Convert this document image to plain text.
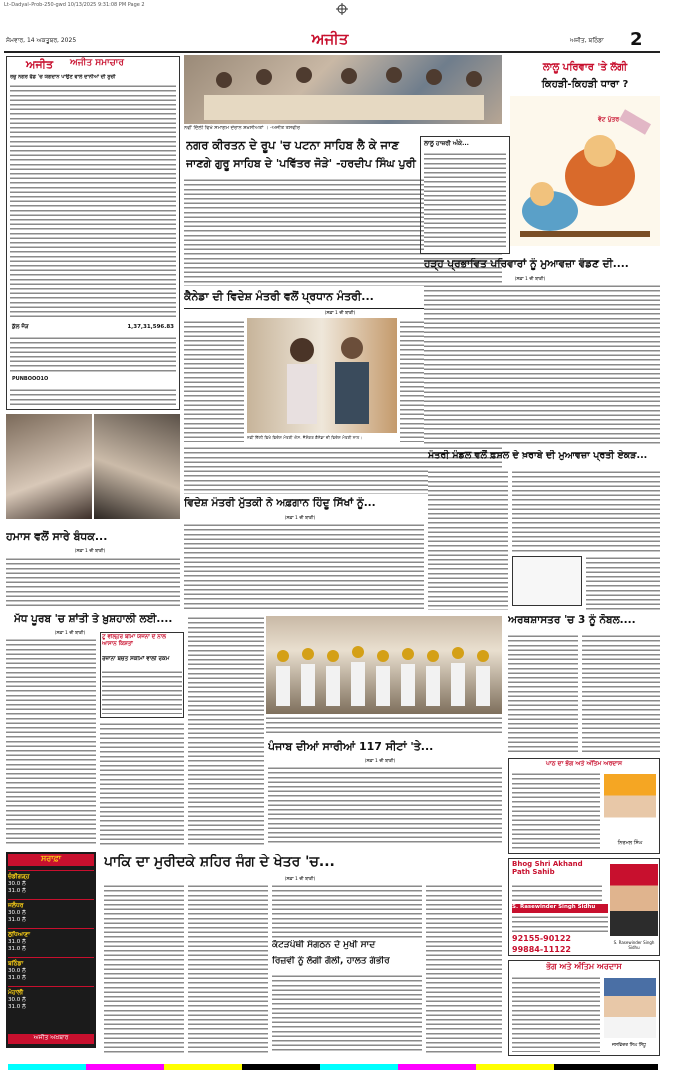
Lt–Dadyal–Prob-250-gwd 10/13/2025 9:31:08 PM Page 2
ਸੋਮਵਾਰ, 14 ਅਕਤੂਬਰ, 2025	ਅਜੀਤ	ਅਜੀਤ, ਬਠਿੰਡਾ	2
ਅਜੀਤ	ਅਜੀਤ ਸਮਾਚਾਰ
ਰਜ਼ੂ ਨਗਰ ਫੰਡ 'ਚ ਯੋਗਦਾਨ ਪਾਉਣ ਵਾਲੇ ਦਾਨੀਆਂ ਦੀ ਸੂਚੀ
ਕੁੱਲ ਜੋੜ	1,37,31,596.83
PUNBOOO1O
ਨਵੀਂ ਦਿੱਲੀ ਵਿਖੇ ਸਮਾਗਮ ਦੌਰਾਨ ਸ਼ਖ਼ਸੀਅਤਾਂ । -ਅਜੀਤ ਤਸਵੀਰ
ਨਗਰ ਕੀਰਤਨ ਦੇ ਰੂਪ 'ਚ ਪਟਨਾ ਸਾਹਿਬ ਲੈ ਕੇ ਜਾਣ
ਜਾਣਗੇ ਗੁਰੂ ਸਾਹਿਬ ਦੇ 'ਪਵਿੱਤਰ ਜੋੜੇ' -ਹਰਦੀਪ ਸਿੰਘ ਪੁਰੀ
ਕੈਨੇਡਾ ਦੀ ਵਿਦੇਸ਼ ਮੰਤਰੀ ਵਲੋਂ ਪ੍ਰਧਾਨ ਮੰਤਰੀ...
(ਸਫ਼ਾ 1 ਦੀ ਬਾਕੀ)
ਨਵੀਂ ਦਿੱਲੀ ਵਿਖੇ ਵਿਦੇਸ਼ ਮੰਤਰੀ ਐਸ. ਜੈਸ਼ੰਕਰ ਕੈਨੇਡਾ ਦੀ ਵਿਦੇਸ਼ ਮੰਤਰੀ ਨਾਲ।
ਲਾਲੂ ਪਰਿਵਾਰ 'ਤੇ ਲੱਗੀ
ਕਿਹੜੀ-ਕਿਹੜੀ ਧਾਰਾ ?
ਵੋਟ ਪੁੱਤਰ
ਲਾਲੂ ਹਾਜ਼ਰੀ ਅੰਕੇ...
ਹੜ੍ਹ ਪ੍ਰਭਾਵਿਤ ਪਰਿਵਾਰਾਂ ਨੂੰ ਮੁਆਵਜ਼ਾ ਵੰਡਣ ਦੀ....
(ਸਫ਼ਾ 1 ਦੀ ਬਾਕੀ)
ਹਮਾਸ ਵਲੋਂ ਸਾਰੇ ਬੰਧਕ...
(ਸਫ਼ਾ 1 ਦੀ ਬਾਕੀ)
ਵਿਦੇਸ਼ ਮੰਤਰੀ ਮੁੱਤਕੀ ਨੇ ਅਫ਼ਗਾਨ ਹਿੰਦੂ ਸਿੱਖਾਂ ਨੂੰ...
(ਸਫ਼ਾ 1 ਦੀ ਬਾਕੀ)
ਮੰਤਰੀ ਮੰਡਲ ਵਲੋਂ ਫ਼ਸਲ ਦੇ ਖ਼ਰਾਬੇ ਦੀ ਮੁਆਵਜ਼ਾ ਪ੍ਰਤੀ ਏਕੜ...
ਮੱਧ ਪੂਰਬ 'ਚ ਸ਼ਾਂਤੀ ਤੇ ਖ਼ੁਸ਼ਹਾਲੀ ਲਈ....
(ਸਫ਼ਾ 1 ਦੀ ਬਾਕੀ)
ਟੂ ਵੀਲ੍ਹਰ ਬੀਮਾ ਯੋਜਨਾ ਦੇ ਨਾਲ ਆਸਾਨ ਕਿਸ਼ਤਾਂ
ਰੋਜ਼ਾਨਾ ਬਚਤ ਸਕੀਮਾਂ ਵਾਲੀ ਰਕਮ
ਪੰਜਾਬ ਦੀਆਂ ਸਾਰੀਆਂ 117 ਸੀਟਾਂ 'ਤੇ...
(ਸਫ਼ਾ 1 ਦੀ ਬਾਕੀ)
ਅਰਥਸ਼ਾਸਤਰ 'ਚ 3 ਨੂੰ ਨੋਬਲ....
ਸਰਾਫ਼ਾ
ਚੰਡੀਗੜ੍ਹ
30.0 ਲੱ
31.0 ਲੱ
ਜਲੰਧਰ
30.0 ਲੱ
31.0 ਲੱ
ਲੁਧਿਆਣਾ
31.0 ਲੱ
31.0 ਲੱ
ਬਠਿੰਡਾ
30.0 ਲੱ
31.0 ਲੱ
ਮੋਹਾਲੀ
30.0 ਲੱ
31.0 ਲੱ
ਅਜੀਤ ਅਖ਼ਬਾਰ
ਪਾਕਿ ਦਾ ਮੁਰੀਦਕੇ ਸ਼ਹਿਰ ਜੰਗ ਦੇ ਖੇਤਰ 'ਚ...
(ਸਫ਼ਾ 1 ਦੀ ਬਾਕੀ)
ਕੱਟੜਪੰਥੀ ਸੰਗਠਨ ਦੇ ਮੁਖੀ ਸਾਦ
ਰਿਜ਼ਵੀ ਨੂੰ ਲੱਗੀ ਗੋਲੀ, ਹਾਲਤ ਗੰਭੀਰ
ਪਾਠ ਦਾ ਭੋਗ ਅਤੇ ਅੰਤਿਮ ਅਰਦਾਸ
ਨਿਰਮਲ ਸਿੰਘ
Bhog Shri Akhand Path Sahib
S. Rasewinder Singh Sidhu
92155-90122
99884-11122
S. Rasewinder Singh Sidhu
ਭੋਗ ਅਤੇ ਅੰਤਿਮ ਅਰਦਾਸ
ਜਸਵਿੰਦਰ ਸਿੰਘ ਸਿੱਧੂ
